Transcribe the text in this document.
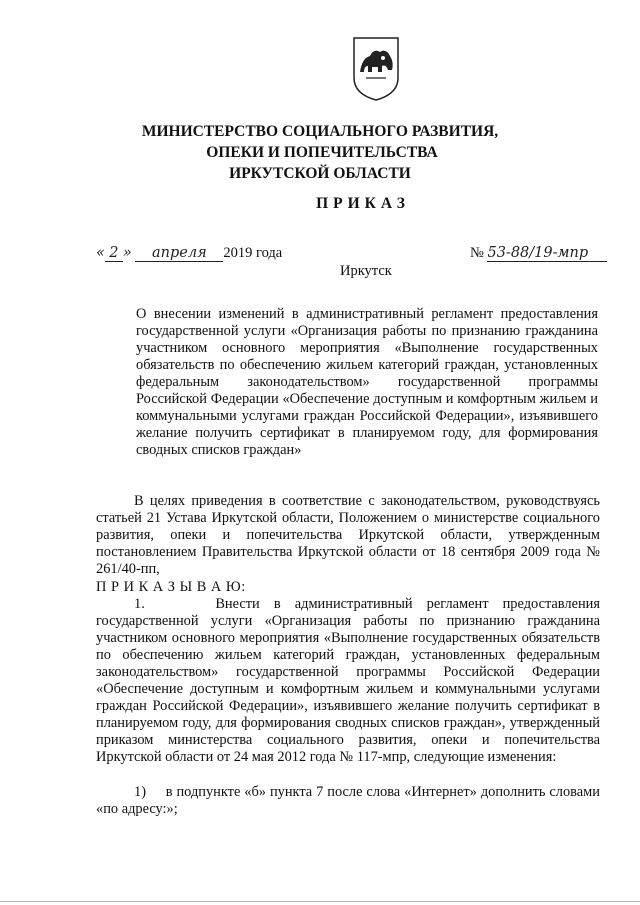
МИНИСТЕРСТВО СОЦИАЛЬНОГО РАЗВИТИЯ,
ОПЕКИ И ПОПЕЧИТЕЛЬСТВА
ИРКУТСКОЙ ОБЛАСТИ
ПРИКАЗ
« 2 » апреля 2019 года	№ 53-88/19-мпр
Иркутск
О внесении изменений в административный регламент предоставления государственной услуги «Организация работы по признанию гражданина участником основного мероприятия «Выполнение государственных обязательств по обеспечению жильем категорий граждан, установленных федеральным законодательством» государственной программы Российской Федерации «Обеспечение доступным и комфортным жильем и коммунальными услугами граждан Российской Федерации», изъявившего желание получить сертификат в планируемом году, для формирования сводных списков граждан»
В целях приведения в соответствие с законодательством, руководствуясь статьей 21 Устава Иркутской области, Положением о министерстве социального развития, опеки и попечительства Иркутской области, утвержденным постановлением Правительства Иркутской области от 18 сентября 2009 года № 261/40-пп,
П Р И К А З Ы В А Ю:
1.     Внести в административный регламент предоставления государственной услуги «Организация работы по признанию гражданина участником основного мероприятия «Выполнение государственных обязательств по обеспечению жильем категорий граждан, установленных федеральным законодательством» государственной программы Российской Федерации «Обеспечение доступным и комфортным жильем и коммунальными услугами граждан Российской Федерации», изъявившего желание получить сертификат в планируемом году, для формирования сводных списков граждан», утвержденный приказом министерства социального развития, опеки и попечительства Иркутской области от 24 мая 2012 года № 117-мпр, следующие изменения:
1)     в подпункте «б» пункта 7 после слова «Интернет» дополнить словами «по адресу:»;
